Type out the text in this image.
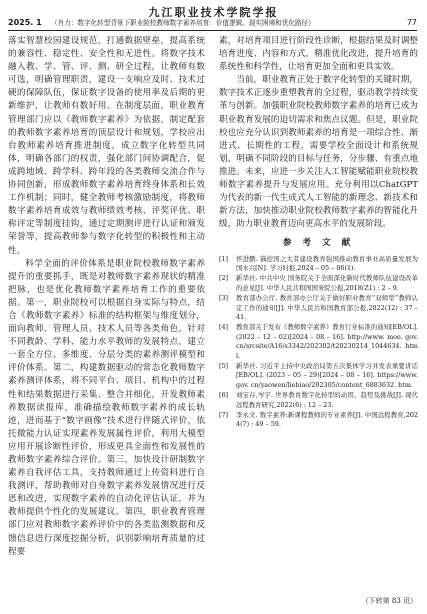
九江职业技术学院学报
2025. 1 （肖力：数字化转型背景下职业院校教师数字素养培育：价值逻辑、现实困境和优化路径）	77

落实智慧校园建设规范，打通数据壁垒，提高系统的兼容性、稳定性、安全性和无进性。将数字技术融入教、学、管、评、测、研全过程，让教师有数可选，明确管理职责，建设一支响应及时、技术过硬的保障队伍，保证数字设备的使用率及后期的更新维护，让教师有数好用。在制度层面，职业教育管理部门应以《教师数字素养》为依据，制定配套的教师数字素养培育的顶层设计和规划，学校应出台教师素养培育推进制度，成立数字化转型共同体，明确各部门的权责，强化部门间协调配合，促成跨地域、跨学科、跨年段的各类教师交流合作与协同创新，形成教师数字素养培育终身体系和长效工作机制；同时，健全教师考核激励制度，将教师数字素养培育成效与教师绩效考核、评奖评优、职称评定等制度挂钩，通过定期测评进行认证和颁发荣誉等，提高教师参与数字化转型的积极性和主动性。

科学全面的评价体系是职业院校教师数字素养提升的重要抓手，既是对教师数字素养现状的精准把脉，也是优化教师数字素养培育工作的重要依据。第一，职业院校可以根据自身实际与特点，结合《教师数字素养》标准的结构框架与维度划分，面向教师、管理人员、技术人员等各类角色，针对不同教龄、学科、能力水平教师的发展特点，建立一套全方位、多维度、分层分类的素养测评模型和评价体系。第二，构建数据驱动的常态化教师数字素养测评体系，将不同平台、项目、机构中的过程性和结果数据进行采集、整合并细化，开发教师素养数据读报库，准确描绘教师数字素养的成长轨迹，进而基于“数字画像”技术进行伴随式评价，依托微能力认证实现素养发展属性评价，利用大模型应用开展诊断性评价，形成更具全面性和发展性的教师数字素养综合评价。第三，加快设计研制数字素养自我评估工具，支持教师通过上传资料进行自我测评，帮助教师对自身数字素养发展情况进行反思和改进，实现数字素养的自动化评估认证，并为教师提供个性化的发展建议。第四，职业教育管理部门应对教师数字素养评价中的各类监测数据和反馈信息进行深度挖掘分析，识别影响培育质量的过程要

素，对培育项目进行阶段性诊断，根据结果及时调整培育进度、内容和方式，精准优化改进，提升培育的系统性和科学性，让培育更加全面和更具实效。

当前，职业教育正处于数字化转型的关键时期，数字技术正逐步重塑教育的全过程，驱动教学持续变革与创新。加强职业院校教师数字素养的培育已成为职业教育发展的迫切需求和焦点议题。但是，职业院校也应充分认识到教师素养的培育是一项综合性、渐进式、长期性的工程，需要学校全面设计和系统规划，明确不同阶段的目标与任务，分步骤、有重点地推进。未来，应进一步关注人工智能赋能职业院校教师数字素养提升与发展应用。充分利用以ChatGPT为代表的新一代生成式人工智能的新理念、新技术和新方法，加快推动职业院校教师数字素养的智能化升级，助力职业教育迈向更高水平的发展阶段。

参 考 文 献
[1] 怀进鹏. 锚挖国之大者建设教育强国推动教育事业高质量发展为国永兴[N]. 学习时报,2024 – 05 – 06(1).
[2] 新华社. 中共中央 国务院关于全面深化新时代教师队伍建设改革的意见[J]. 中华人民共和国国务院公报,2018(Z1) : 2 – 9.
[3] 教育部办公厅. 教育部办公厅关于做好职业教育“双师型”教师认定工作的通知[J]. 中华人民共和国教育部公报,2022(12) : 37 – 41.
[4] 教育部关于发布《教师数字素养》教育行业标准的通知[EB/OL]. (2022 – 12 – 02)[2024 – 08 – 16]. http://www. moe. gov. cn/srcsite/A16/s3342/202302/t20230214_1044634. html.
[5] 新华社. 习近平主持中央政治局第五次集体学习并发表重要讲话[EB/OL]. (2023 – 05 – 29)[2024 – 08 – 16]. https://www. gov. cn/yaowen/liebiao/202305/content_6883632. htm.
[6] 刘宝存,岑宇. 世界教育数字化转型的动因、趋势及挑战[J]. 现代远程教育研究,2022(6) : 12 – 23.
[7] 李永文. 数字素养:新课程教师的专业素养[J]. 中国远程教育,2024(7) : 49 – 59.
（下转第 83 页）
